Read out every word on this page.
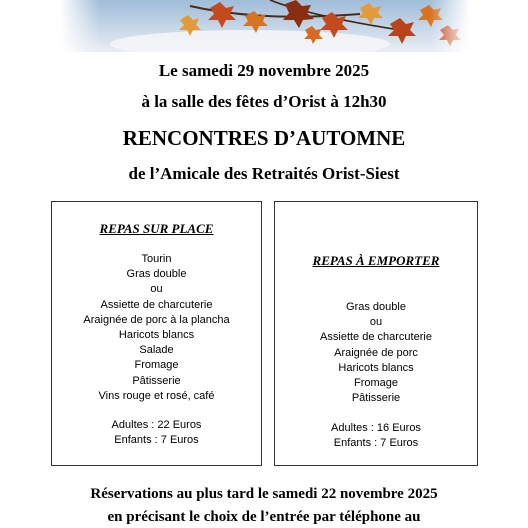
Le samedi 29 novembre 2025
à la salle des fêtes d’Orist à 12h30
RENCONTRES D’AUTOMNE
de l’Amicale des Retraités Orist-Siest
REPAS SUR PLACE
Tourin
Gras double
ou
Assiette de charcuterie
Araignée de porc à la plancha
Haricots blancs
Salade
Fromage
Pâtisserie
Vins rouge et rosé, café
Adultes : 22 Euros
Enfants : 7 Euros
REPAS À EMPORTER
Gras double
ou
Assiette de charcuterie
Araignée de porc
Haricots blancs
Fromage
Pâtisserie
Adultes : 16 Euros
Enfants : 7 Euros
Réservations au plus tard le samedi 22 novembre 2025
en précisant le choix de l’entrée par téléphone au
